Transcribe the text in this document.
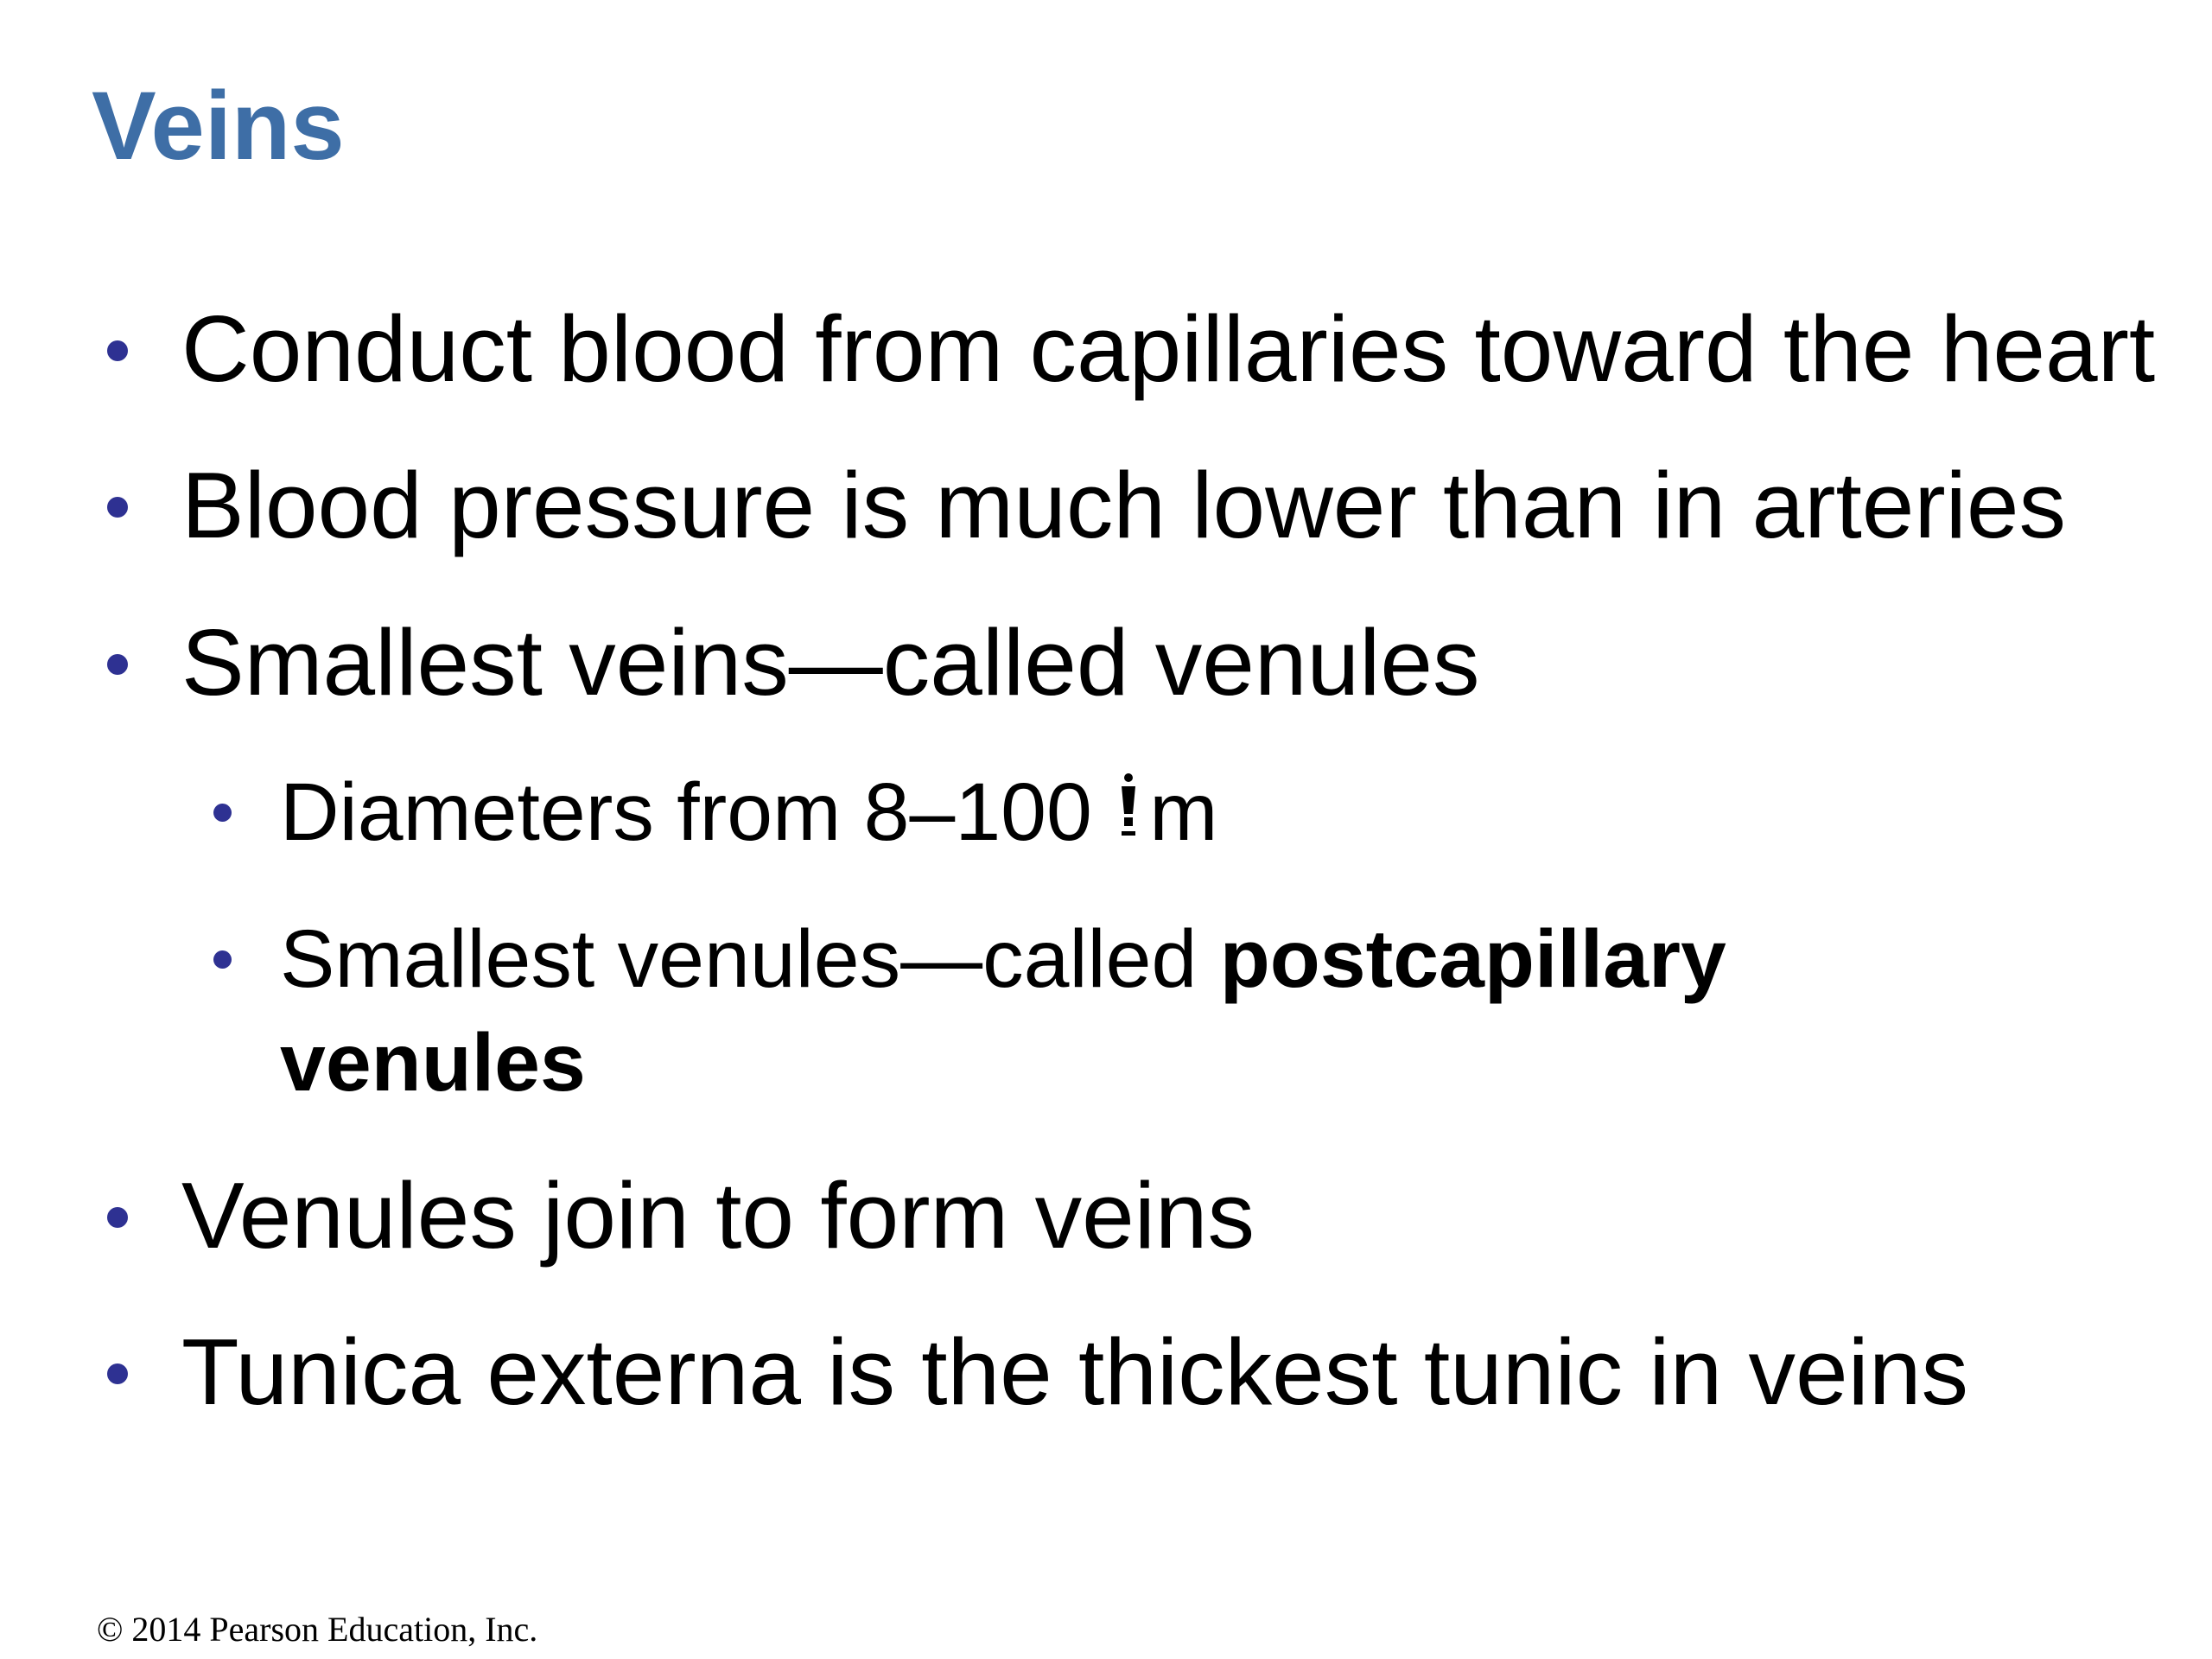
Veins
Conduct blood from capillaries toward the heart
Blood pressure is much lower than in arteries
Smallest veins—called venules
Diameters from 8–100
m
Smallest venules—called postcapillary
venules
Venules join to form veins
Tunica externa is the thickest tunic in veins
© 2014 Pearson Education, Inc.
